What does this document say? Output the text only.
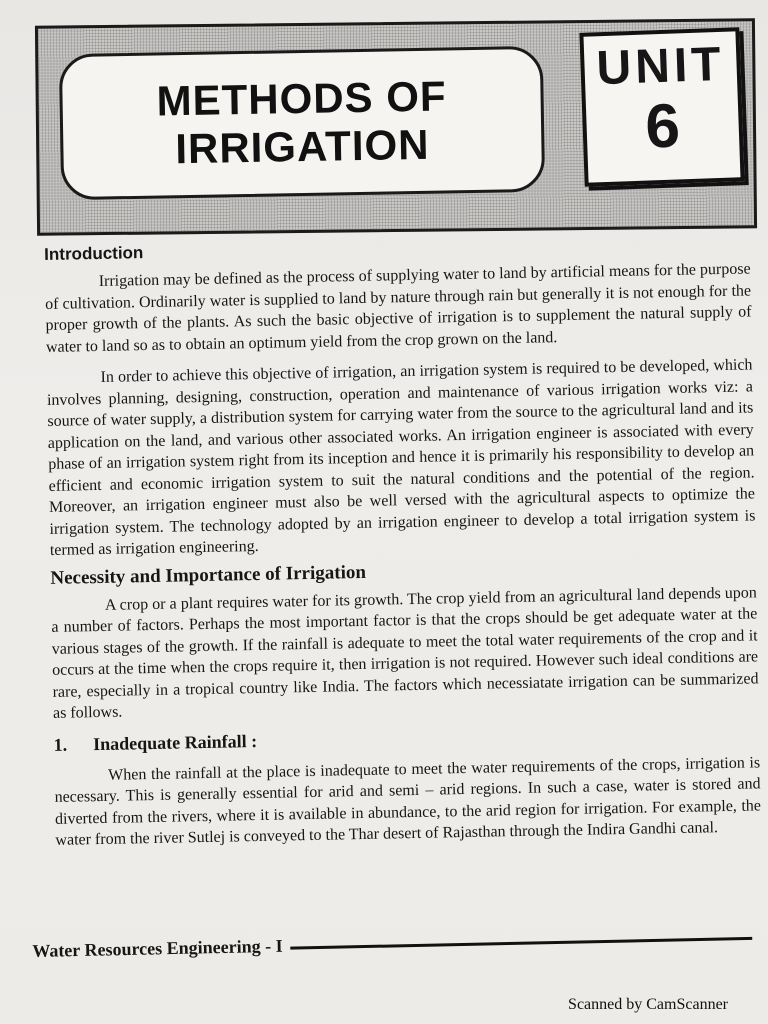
METHODS OF
IRRIGATION
UNIT
6
Introduction

Irrigation may be defined as the process of supplying water to land by artificial means for the purpose of cultivation. Ordinarily water is supplied to land by nature through rain but generally it is not enough for the proper growth of the plants. As such the basic objective of irrigation is to supplement the natural supply of water to land so as to obtain an optimum yield from the crop grown on the land.

In order to achieve this objective of irrigation, an irrigation system is required to be developed, which involves planning, designing, construction, operation and maintenance of various irrigation works viz: a source of water supply, a distribution system for carrying water from the source to the agricultural land and its application on the land, and various other associated works. An irrigation engineer is associated with every phase of an irrigation system right from its inception and hence it is primarily his responsibility to develop an efficient and economic irrigation system to suit the natural conditions and the potential of the region. Moreover, an irrigation engineer must also be well versed with the agricultural aspects to optimize the irrigation system. The technology adopted by an irrigation engineer to develop a total irrigation system is termed as irrigation engineering.

Necessity and Importance of Irrigation

A crop or a plant requires water for its growth. The crop yield from an agricultural land depends upon a number of factors. Perhaps the most important factor is that the crops should be get adequate water at the various stages of the growth. If the rainfall is adequate to meet the total water requirements of the crop and it occurs at the time when the crops require it, then irrigation is not required. However such ideal conditions are rare, especially in a tropical country like India. The factors which necessiatate irrigation can be summarized as follows.

1. Inadequate Rainfall :

When the rainfall at the place is inadequate to meet the water requirements of the crops, irrigation is necessary. This is generally essential for arid and semi – arid regions. In such a case, water is stored and diverted from the rivers, where it is available in abundance, to the arid region for irrigation. For example, the water from the river Sutlej is conveyed to the Thar desert of Rajasthan through the Indira Gandhi canal.

Water Resources Engineering - I
Scanned by CamScanner
